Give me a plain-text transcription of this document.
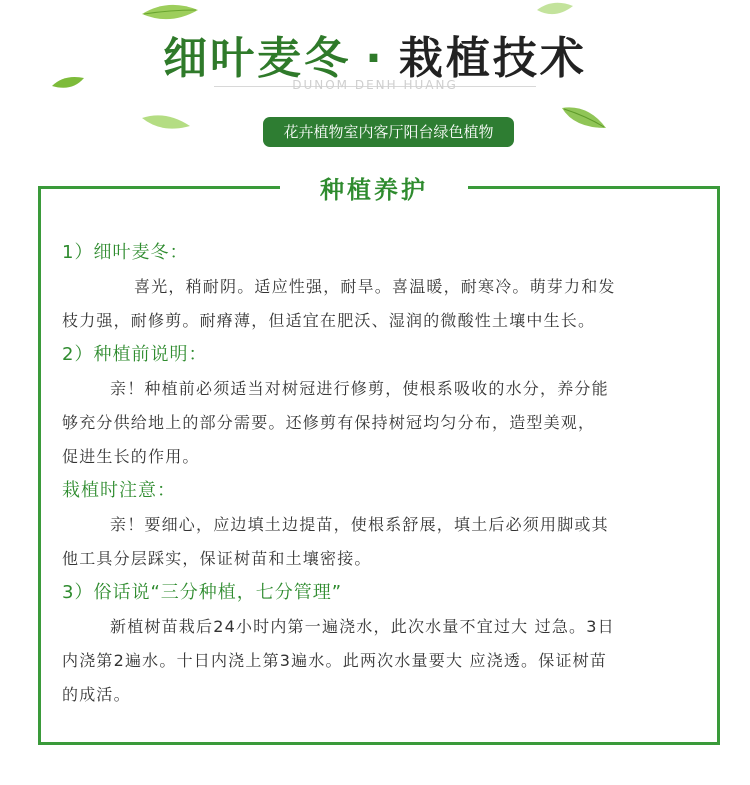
细叶麦冬 · 栽植技术
DUNOM DENH HUANG
花卉植物室内客厅阳台绿色植物
种植养护
1）细叶麦冬：
喜光，稍耐阴。适应性强，耐旱。喜温暖，耐寒冷。萌芽力和发
枝力强，耐修剪。耐瘠薄，但适宜在肥沃、湿润的微酸性土壤中生长。
2）种植前说明：
亲！种植前必须适当对树冠进行修剪，使根系吸收的水分，养分能
够充分供给地上的部分需要。还修剪有保持树冠均匀分布，造型美观，
促进生长的作用。
栽植时注意：
亲！要细心，应边填土边提苗，使根系舒展，填土后必须用脚或其
他工具分层踩实，保证树苗和土壤密接。
3）俗话说“三分种植，七分管理”
新植树苗栽后24小时内第一遍浇水，此次水量不宜过大 过急。3日
内浇第2遍水。十日内浇上第3遍水。此两次水量要大 应浇透。保证树苗
的成活。
